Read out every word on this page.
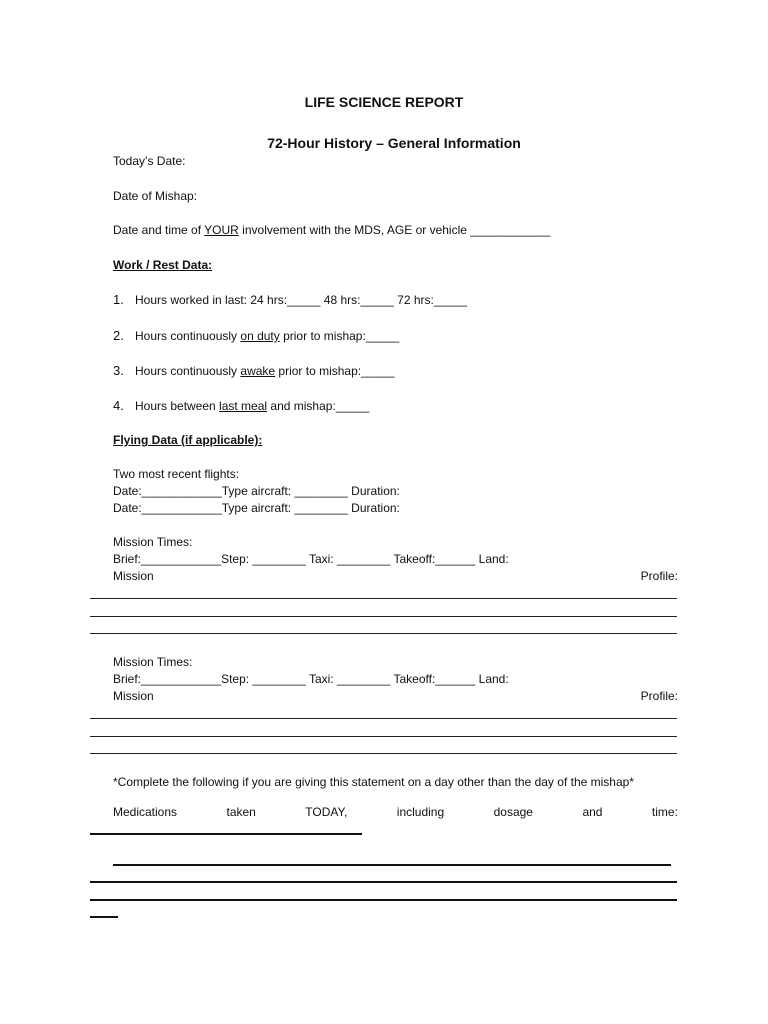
LIFE SCIENCE REPORT
72-Hour History – General Information
Today’s Date:
Date of Mishap:
Date and time of YOUR involvement with the MDS, AGE or vehicle ____________
Work / Rest Data:
1. Hours worked in last: 24 hrs:_____ 48 hrs:_____ 72 hrs:_____
2. Hours continuously on duty prior to mishap:_____
3. Hours continuously awake prior to mishap:_____
4. Hours between last meal and mishap:_____
Flying Data (if applicable):
Two most recent flights:
Date:____________Type aircraft: ________ Duration:
Date:____________Type aircraft: ________ Duration:
Mission Times:
Brief:____________Step: ________ Taxi: ________ Takeoff:______ Land:
Mission	Profile:
Mission Times:
Brief:____________Step: ________ Taxi: ________ Takeoff:______ Land:
Mission	Profile:
*Complete the following if you are giving this statement on a day other than the day of the mishap*
Medications	taken	TODAY,	including	dosage	and	time:
